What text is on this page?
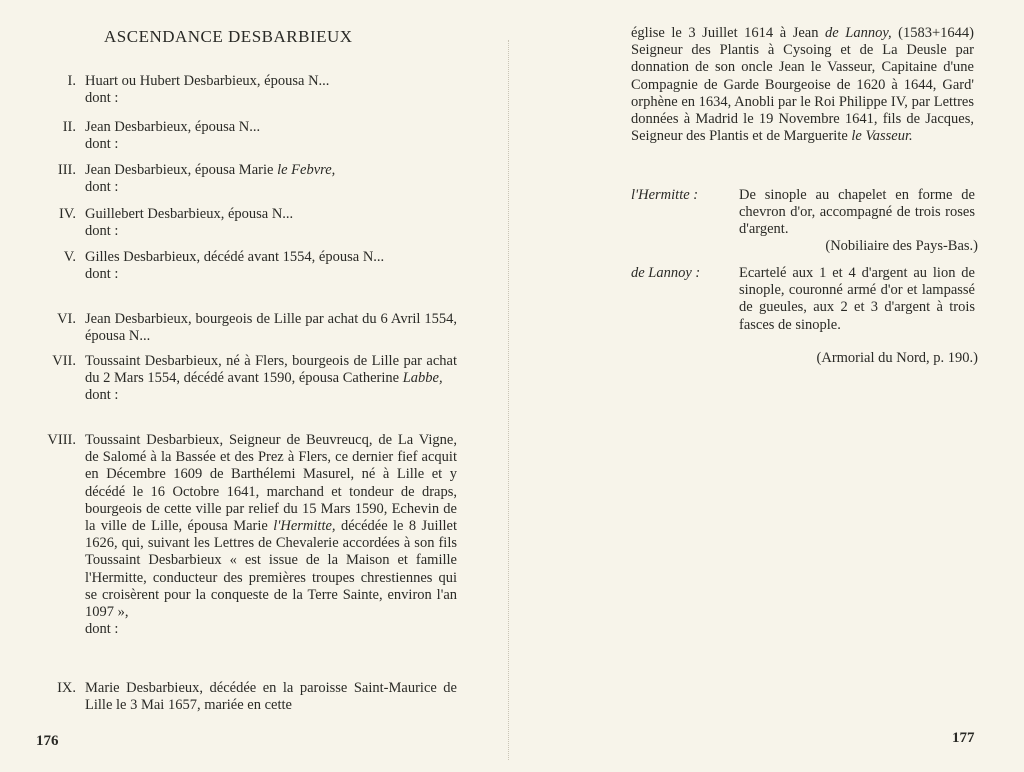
ASCENDANCE DESBARBIEUX
I. Huart ou Hubert Desbarbieux, épousa N...
dont :
II. Jean Desbarbieux, épousa N...
dont :
III. Jean Desbarbieux, épousa Marie le Febvre,
dont :
IV. Guillebert Desbarbieux, épousa N...
dont :
V. Gilles Desbarbieux, décédé avant 1554, épousa N...
dont :
VI. Jean Desbarbieux, bourgeois de Lille par achat du 6 Avril 1554, épousa N...
VII. Toussaint Desbarbieux, né à Flers, bourgeois de Lille par achat du 2 Mars 1554, décédé avant 1590, épousa Catherine Labbe,
dont :
VIII. Toussaint Desbarbieux, Seigneur de Beuvreucq, de La Vigne, de Salomé à la Bassée et des Prez à Flers, ce dernier fief acquit en Décembre 1609 de Barthélemi Masurel, né à Lille et y décédé le 16 Octobre 1641, marchand et tondeur de draps, bourgeois de cette ville par relief du 15 Mars 1590, Echevin de la ville de Lille, épousa Marie l'Hermitte, décédée le 8 Juillet 1626, qui, suivant les Lettres de Chevalerie accordées à son fils Toussaint Desbarbieux « est issue de la Maison et famille l'Hermitte, conducteur des premières troupes chrestiennes qui se croisèrent pour la conqueste de la Terre Sainte, environ l'an 1097 »,
dont :
IX. Marie Desbarbieux, décédée en la paroisse Saint-Maurice de Lille le 3 Mai 1657, mariée en cette
176
église le 3 Juillet 1614 à Jean de Lannoy, (1583+1644) Seigneur des Plantis à Cysoing et de La Deusle par donnation de son oncle Jean le Vasseur, Capitaine d'une Compagnie de Garde Bourgeoise de 1620 à 1644, Gard' orphène en 1634, Anobli par le Roi Philippe IV, par Lettres données à Madrid le 19 Novembre 1641, fils de Jacques, Seigneur des Plantis et de Marguerite le Vasseur.
l'Hermitte :	De sinople au chapelet en forme de chevron d'or, accompagné de trois roses d'argent.
(Nobiliaire des Pays-Bas.)
de Lannoy :	Ecartelé aux 1 et 4 d'argent au lion de sinople, couronné armé d'or et lampassé de gueules, aux 2 et 3 d'argent à trois fasces de sinople.
(Armorial du Nord, p. 190.)
177
